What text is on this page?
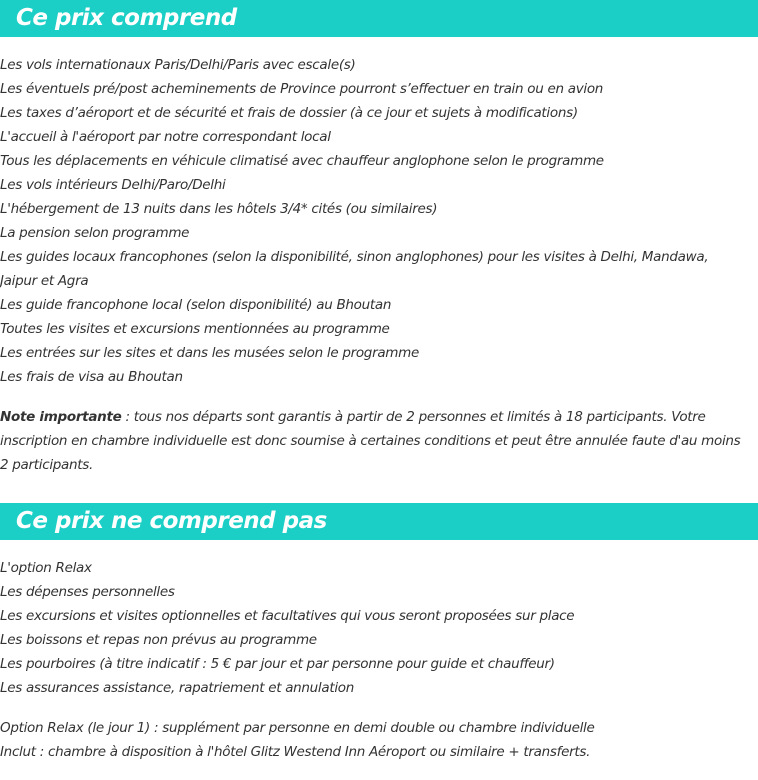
Ce prix comprend
Les vols internationaux Paris/Delhi/Paris avec escale(s)
Les éventuels pré/post acheminements de Province pourront s’effectuer en train ou en avion
Les taxes d’aéroport et de sécurité et frais de dossier (à ce jour et sujets à modifications)
L'accueil à l'aéroport par notre correspondant local
Tous les déplacements en véhicule climatisé avec chauffeur anglophone selon le programme
Les vols intérieurs Delhi/Paro/Delhi
L'hébergement de 13 nuits dans les hôtels 3/4* cités (ou similaires)
La pension selon programme
Les guides locaux francophones (selon la disponibilité, sinon anglophones) pour les visites à Delhi, Mandawa, Jaipur et Agra
Les guide francophone local (selon disponibilité) au Bhoutan
Toutes les visites et excursions mentionnées au programme
Les entrées sur les sites et dans les musées selon le programme
Les frais de visa au Bhoutan

Note importante : tous nos départs sont garantis à partir de 2 personnes et limités à 18 participants. Votre inscription en chambre individuelle est donc soumise à certaines conditions et peut être annulée faute d'au moins 2 participants.

Ce prix ne comprend pas
L'option Relax
Les dépenses personnelles
Les excursions et visites optionnelles et facultatives qui vous seront proposées sur place
Les boissons et repas non prévus au programme
Les pourboires (à titre indicatif : 5 € par jour et par personne pour guide et chauffeur)
Les assurances assistance, rapatriement et annulation
Option Relax (le jour 1) : supplément par personne en demi double ou chambre individuelle
Inclut : chambre à disposition à l'hôtel Glitz Westend Inn Aéroport ou similaire + transferts.
